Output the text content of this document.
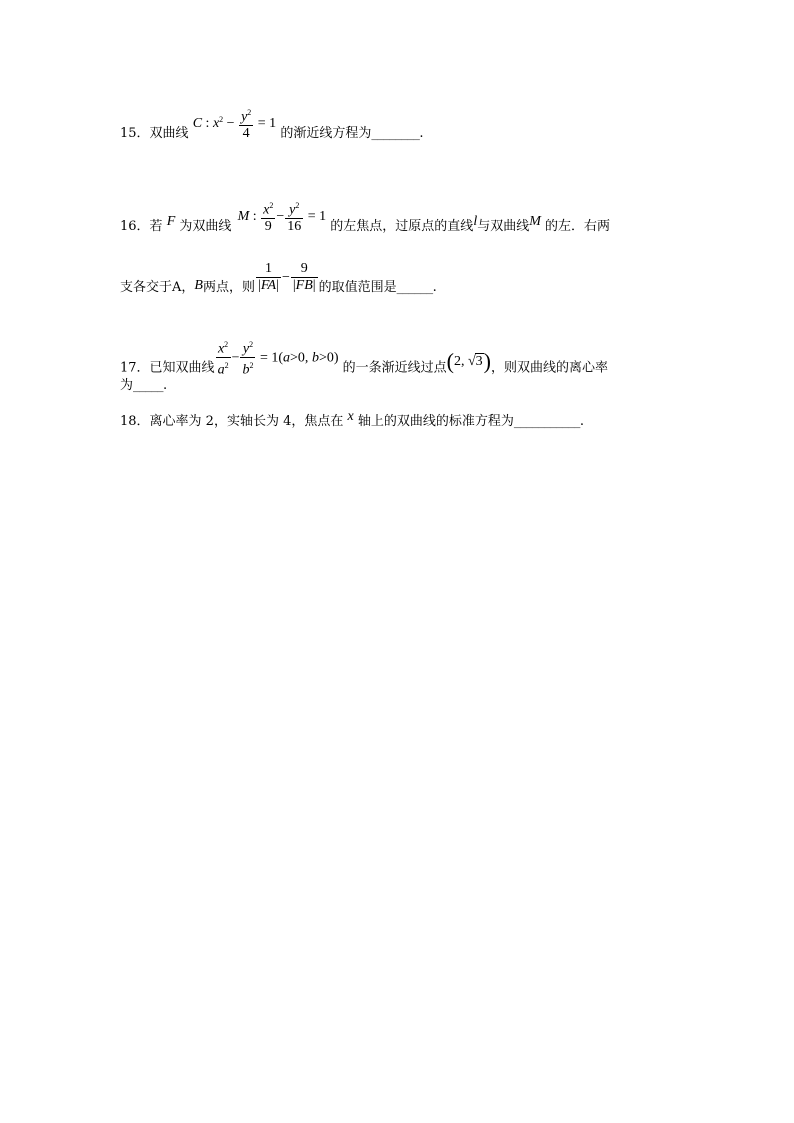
15．双曲线 C : $x^2 - \frac{y^2}{4} = 1$ 的渐近线方程为________.
16．若 F 为双曲线 M : $\frac{x^2}{9} - \frac{y^2}{16} = 1$ 的左焦点，过原点的直线l与双曲线M 的左．右两
支各交于A，B两点，则 $\frac{1}{|FA|} - \frac{9}{|FB|}$ 的取值范围是______.
17．已知双曲线 $\frac{x^2}{a^2} - \frac{y^2}{b^2} = 1(a>0$, b>0) 的一条渐近线过点(2, √3)，则双曲线的离心率
为_____.
18．离心率为 2，实轴长为 4，焦点在 x 轴上的双曲线的标准方程为___________.
